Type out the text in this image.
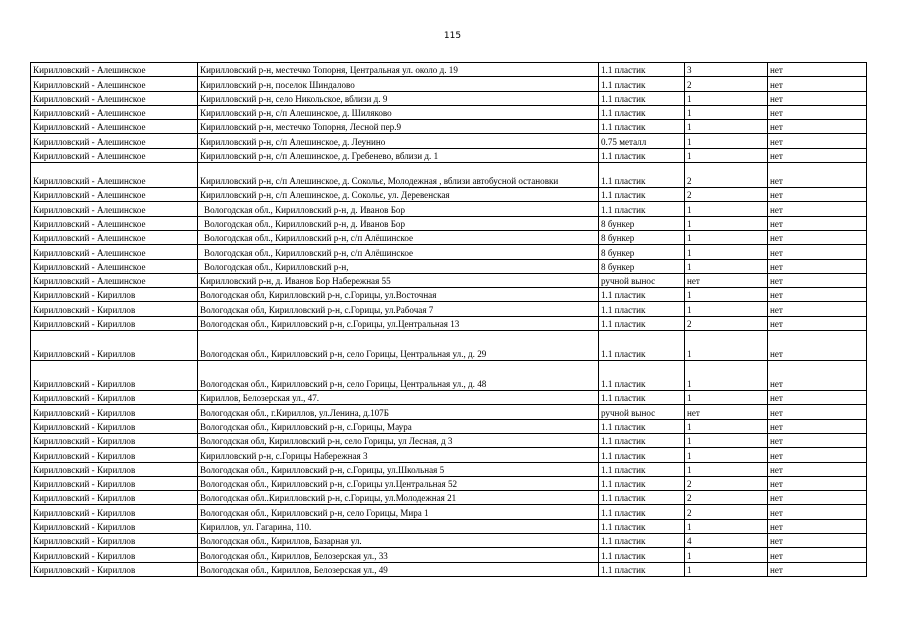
115
Кирилловский - Алешинское	Кирилловский р-н, местечко Топорня, Центральная ул. около д. 19	1.1 пластик	3	нет
Кирилловский - Алешинское	Кирилловский р-н, поселок Шиндалово	1.1 пластик	2	нет
Кирилловский - Алешинское	Кирилловский р-н, село Никольское, вблизи д. 9	1.1 пластик	1	нет
Кирилловский - Алешинское	Кирилловский р-н, с/п Алешинское, д. Шиляково	1.1 пластик	1	нет
Кирилловский - Алешинское	Кирилловский р-н, местечко Топорня, Лесной пер.9	1.1 пластик	1	нет
Кирилловский - Алешинское	Кирилловский р-н, с/п Алешинское, д. Леунино	0.75 металл	1	нет
Кирилловский - Алешинское	Кирилловский р-н, с/п Алешинское, д. Гребенево, вблизи д. 1	1.1 пластик	1	нет
Кирилловский - Алешинское	Кирилловский р-н, с/п Алешинское, д. Сокольє, Молодежная , вблизи автобусной остановки	1.1 пластик	2	нет
Кирилловский - Алешинское	Кирилловский р-н, с/п Алешинское, д. Сокольє, ул. Деревенская	1.1 пластик	2	нет
Кирилловский - Алешинское	Вологодская обл., Кирилловский р-н, д. Иванов Бор	1.1 пластик	1	нет
Кирилловский - Алешинское	Вологодская обл., Кирилловский р-н, д. Иванов Бор	8 бункер	1	нет
Кирилловский - Алешинское	Вологодская обл., Кирилловский р-н, с/п Алёшинское	8 бункер	1	нет
Кирилловский - Алешинское	Вологодская обл., Кирилловский р-н, с/п Алёшинское	8 бункер	1	нет
Кирилловский - Алешинское	Вологодская обл., Кирилловский р-н,	8 бункер	1	нет
Кирилловский - Алешинское	Кирилловский р-н, д. Иванов Бор Набережная 55	ручной вынос	нет	нет
Кирилловский - Кириллов	Вологодская обл, Кирилловский р-н, с.Горицы, ул.Восточная	1.1 пластик	1	нет
Кирилловский - Кириллов	Вологодская обл, Кирилловский р-н, с.Горицы, ул.Рабочая 7	1.1 пластик	1	нет
Кирилловский - Кириллов	Вологодская обл., Кирилловский р-н, с.Горицы, ул.Центральная 13	1.1 пластик	2	нет
Кирилловский - Кириллов	Вологодская обл., Кирилловский р-н, село Горицы, Центральная ул., д. 29	1.1 пластик	1	нет
Кирилловский - Кириллов	Вологодская обл., Кирилловский р-н, село Горицы, Центральная ул., д. 48	1.1 пластик	1	нет
Кирилловский - Кириллов	Кириллов, Белозерская ул., 47.	1.1 пластик	1	нет
Кирилловский - Кириллов	Вологодская обл., г.Кириллов, ул.Ленина, д.107Б	ручной вынос	нет	нет
Кирилловский - Кириллов	Вологодская обл., Кирилловский р-н, с.Горицы, Маура	1.1 пластик	1	нет
Кирилловский - Кириллов	Вологодская обл, Кирилловский р-н, село Горицы, ул Лесная, д 3	1.1 пластик	1	нет
Кирилловский - Кириллов	Кирилловский р-н, с.Горицы Набережная 3	1.1 пластик	1	нет
Кирилловский - Кириллов	Вологодская обл., Кирилловский р-н, с.Горицы, ул.Школьная 5	1.1 пластик	1	нет
Кирилловский - Кириллов	Вологодская обл., Кирилловский р-н, с.Горицы ул.Центральная 52	1.1 пластик	2	нет
Кирилловский - Кириллов	Вологодская обл..Кирилловский р-н, с.Горицы, ул.Молодежная 21	1.1 пластик	2	нет
Кирилловский - Кириллов	Вологодская обл., Кирилловский р-н, село Горицы, Мира 1	1.1 пластик	2	нет
Кирилловский - Кириллов	Кириллов, ул. Гагарина, 110.	1.1 пластик	1	нет
Кирилловский - Кириллов	Вологодская обл., Кириллов, Базарная ул.	1.1 пластик	4	нет
Кирилловский - Кириллов	Вологодская обл., Кириллов, Белозерская ул., 33	1.1 пластик	1	нет
Кирилловский - Кириллов	Вологодская обл., Кириллов, Белозерская ул., 49	1.1 пластик	1	нет
